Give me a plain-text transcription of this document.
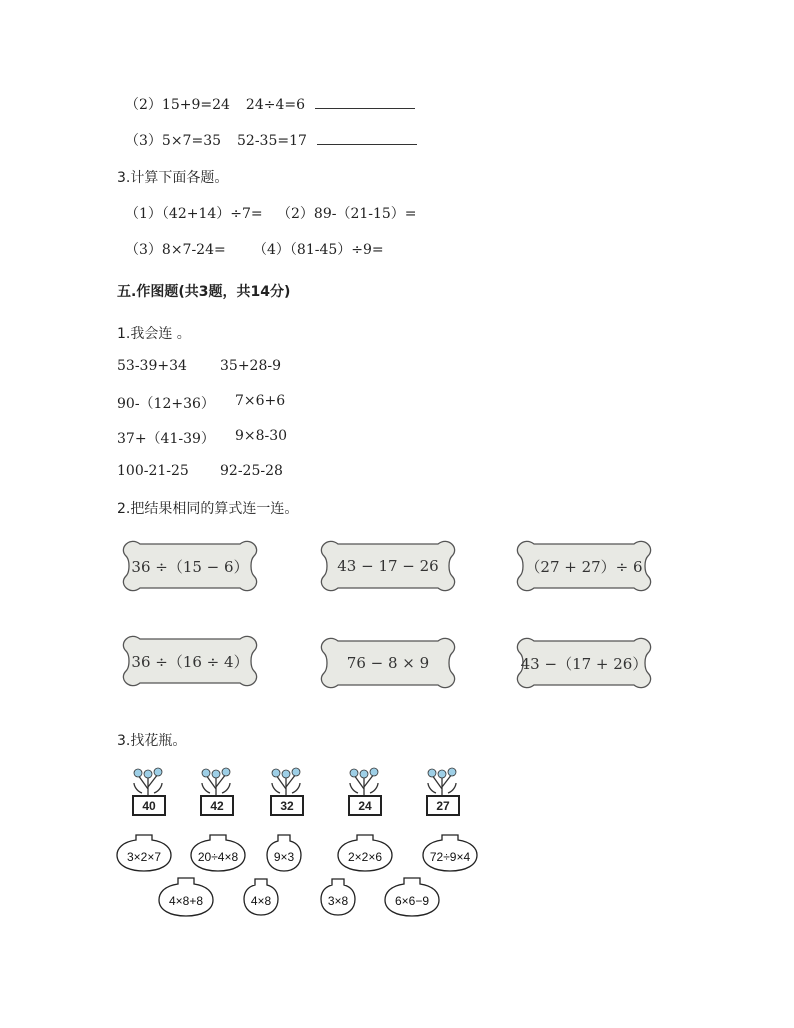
（2）15+9=24 24÷4=6
（3）5×7=35 52-35=17
3.计算下面各题。
（1）（42+14）÷7= （2）89-（21-15）=
（3）8×7-24= （4）（81-45）÷9=
五.作图题(共3题，共14分)
1.我会连 。
53-39+34 35+28-9
90-（12+36） 7×6+6
37+（41-39） 9×8-30
100-21-25 92-25-28
2.把结果相同的算式连一连。
36 ÷（15 − 6）	43 − 17 − 26	（27 + 27）÷ 6
36 ÷（16 ÷ 4）	76 − 8 × 9	43 −（17 + 26）
3.找花瓶。
40	42	32	24	27
3×2×7	20÷4×8	9×3	2×2×6	72÷9×4
4×8+8	4×8	3×8	6×6−9
